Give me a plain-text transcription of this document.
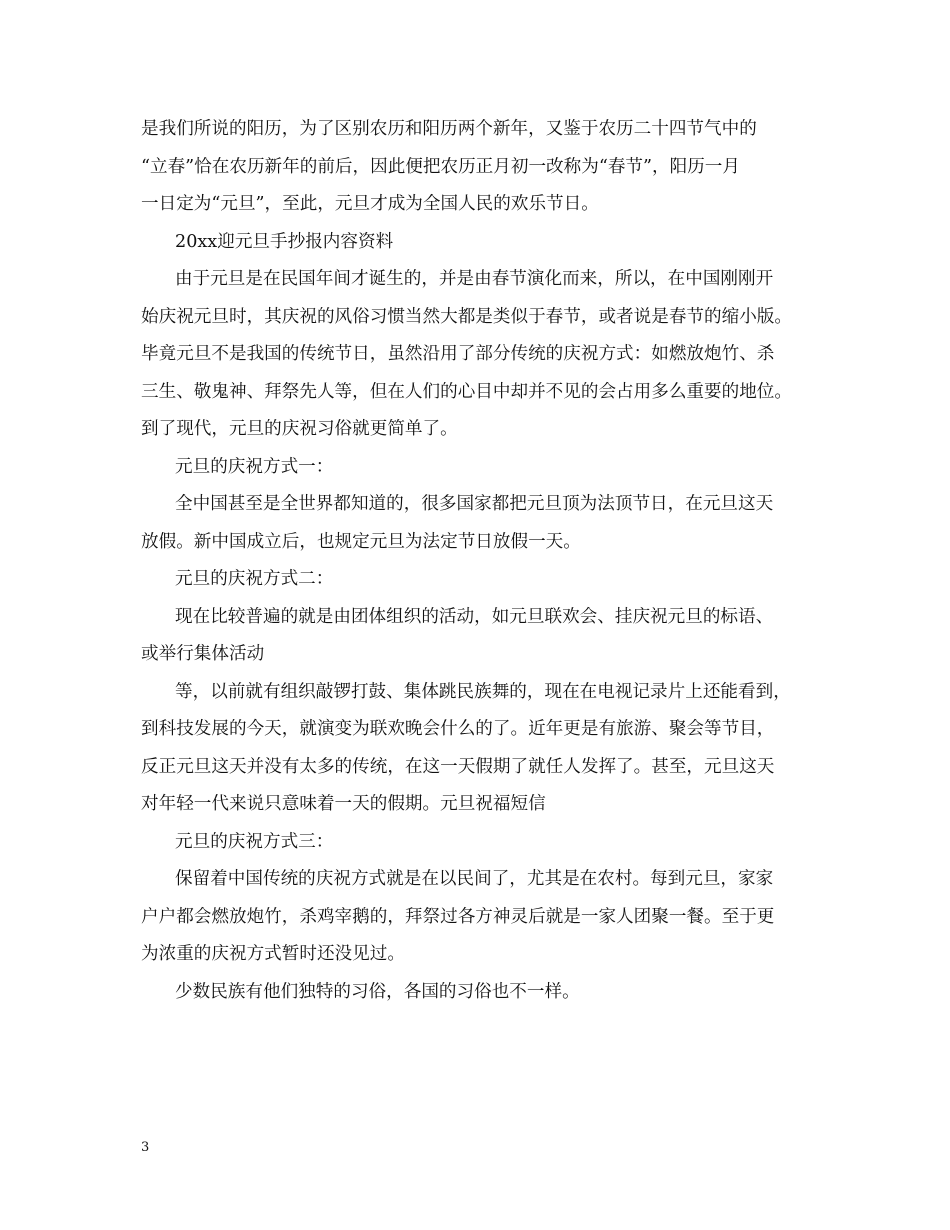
是我们所说的阳历，为了区别农历和阳历两个新年，又鉴于农历二十四节气中的
“立春”恰在农历新年的前后，因此便把农历正月初一改称为“春节”，阳历一月
一日定为“元旦”，至此，元旦才成为全国人民的欢乐节日。
20xx迎元旦手抄报内容资料
由于元旦是在民国年间才诞生的，并是由春节演化而来，所以，在中国刚刚开
始庆祝元旦时，其庆祝的风俗习惯当然大都是类似于春节，或者说是春节的缩小版。
毕竟元旦不是我国的传统节日，虽然沿用了部分传统的庆祝方式：如燃放炮竹、杀
三生、敬鬼神、拜祭先人等，但在人们的心目中却并不见的会占用多么重要的地位。
到了现代，元旦的庆祝习俗就更简单了。
元旦的庆祝方式一：
全中国甚至是全世界都知道的，很多国家都把元旦顶为法顶节日，在元旦这天
放假。新中国成立后，也规定元旦为法定节日放假一天。
元旦的庆祝方式二：
现在比较普遍的就是由团体组织的活动，如元旦联欢会、挂庆祝元旦的标语、
或举行集体活动
等，以前就有组织敲锣打鼓、集体跳民族舞的，现在在电视记录片上还能看到，
到科技发展的今天，就演变为联欢晚会什么的了。近年更是有旅游、聚会等节目，
反正元旦这天并没有太多的传统，在这一天假期了就任人发挥了。甚至，元旦这天
对年轻一代来说只意味着一天的假期。元旦祝福短信
元旦的庆祝方式三：
保留着中国传统的庆祝方式就是在以民间了，尤其是在农村。每到元旦，家家
户户都会燃放炮竹，杀鸡宰鹅的，拜祭过各方神灵后就是一家人团聚一餐。至于更
为浓重的庆祝方式暂时还没见过。
少数民族有他们独特的习俗，各国的习俗也不一样。
3
